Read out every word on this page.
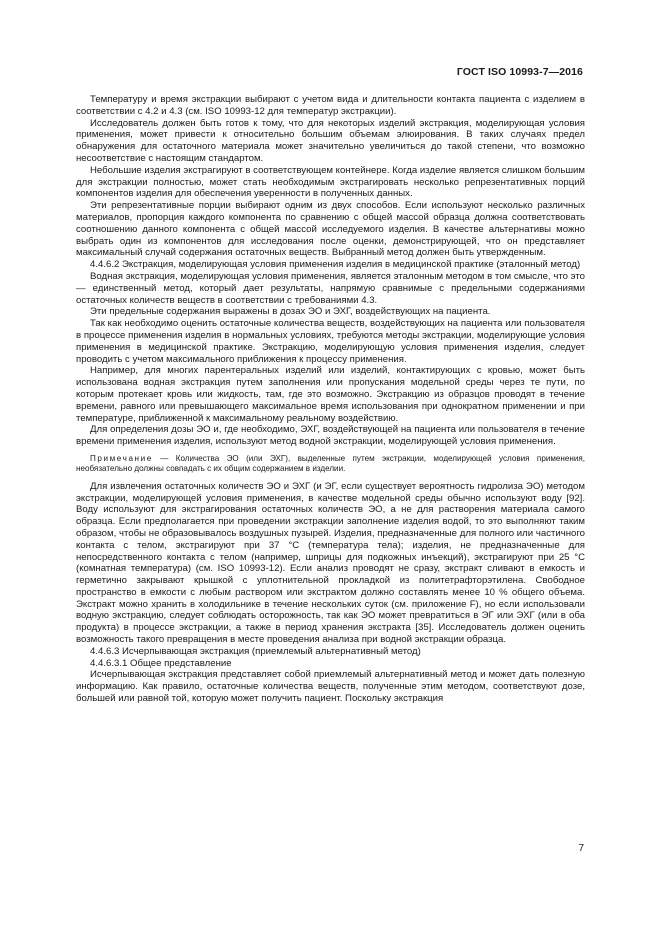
ГОСТ ISO 10993-7—2016

Температуру и время экстракции выбирают с учетом вида и длительности контакта пациента с изделием в соответствии с 4.2 и 4.3 (см. ISO 10993-12 для температур экстракции).

Исследователь должен быть готов к тому, что для некоторых изделий экстракция, моделирующая условия применения, может привести к относительно большим объемам элюирования. В таких случаях предел обнаружения для остаточного материала может значительно увеличиться до такой степени, что возможно несоответствие с настоящим стандартом.

Небольшие изделия экстрагируют в соответствующем контейнере. Когда изделие является слишком большим для экстракции полностью, может стать необходимым экстрагировать несколько репрезентативных порций компонентов изделия для обеспечения уверенности в полученных данных.

Эти репрезентативные порции выбирают одним из двух способов. Если используют несколько различных материалов, пропорция каждого компонента по сравнению с общей массой образца должна соответствовать соотношению данного компонента с общей массой исследуемого изделия. В качестве альтернативы можно выбрать один из компонентов для исследования после оценки, демонстрирующей, что он представляет максимальный случай содержания остаточных веществ. Выбранный метод должен быть утвержденным.

4.4.6.2 Экстракция, моделирующая условия применения изделия в медицинской практике (эталонный метод)

Водная экстракция, моделирующая условия применения, является эталонным методом в том смысле, что это — единственный метод, который дает результаты, напрямую сравнимые с предельными содержаниями остаточных количеств веществ в соответствии с требованиями 4.3.

Эти предельные содержания выражены в дозах ЭО и ЭХГ, воздействующих на пациента.

Так как необходимо оценить остаточные количества веществ, воздействующих на пациента или пользователя в процессе применения изделия в нормальных условиях, требуются методы экстракции, моделирующие условия применения в медицинской практике. Экстракцию, моделирующую условия применения изделия, следует проводить с учетом максимального приближения к процессу применения.

Например, для многих парентеральных изделий или изделий, контактирующих с кровью, может быть использована водная экстракция путем заполнения или пропускания модельной среды через те пути, по которым протекает кровь или жидкость, там, где это возможно. Экстракцию из образцов проводят в течение времени, равного или превышающего максимальное время использования при однократном применении и при температуре, приближенной к максимальному реальному воздействию.

Для определения дозы ЭО и, где необходимо, ЭХГ, воздействующей на пациента или пользователя в течение времени применения изделия, используют метод водной экстракции, моделирующей условия применения.

Примечание — Количества ЭО (или ЭХГ), выделенные путем экстракции, моделирующей условия применения, необязательно должны совпадать с их общим содержанием в изделии.

Для извлечения остаточных количеств ЭО и ЭХГ (и ЭГ, если существует вероятность гидролиза ЭО) методом экстракции, моделирующей условия применения, в качестве модельной среды обычно используют воду [92]. Воду используют для экстрагирования остаточных количеств ЭО, а не для растворения материала самого образца. Если предполагается при проведении экстракции заполнение изделия водой, то это выполняют таким образом, чтобы не образовывалось воздушных пузырей. Изделия, предназначенные для полного или частичного контакта с телом, экстрагируют при 37 °С (температура тела); изделия, не предназначенные для непосредственного контакта с телом (например, шприцы для подкожных инъекций), экстрагируют при 25 °С (комнатная температура) (см. ISO 10993-12). Если анализ проводят не сразу, экстракт сливают в емкость и герметично закрывают крышкой с уплотнительной прокладкой из политетрафторэтилена. Свободное пространство в емкости с любым раствором или экстрактом должно составлять менее 10 % общего объема. Экстракт можно хранить в холодильнике в течение нескольких суток (см. приложение F), но если использовали водную экстракцию, следует соблюдать осторожность, так как ЭО может превратиться в ЭГ или ЭХГ (или в оба продукта) в процессе экстракции, а также в период хранения экстракта [35]. Исследователь должен оценить возможность такого превращения в месте проведения анализа при водной экстракции образца.

4.4.6.3 Исчерпывающая экстракция (приемлемый альтернативный метод)

4.4.6.3.1 Общее представление

Исчерпывающая экстракция представляет собой приемлемый альтернативный метод и может дать полезную информацию. Как правило, остаточные количества веществ, полученные этим методом, соответствуют дозе, большей или равной той, которую может получить пациент. Поскольку экстракция

7
